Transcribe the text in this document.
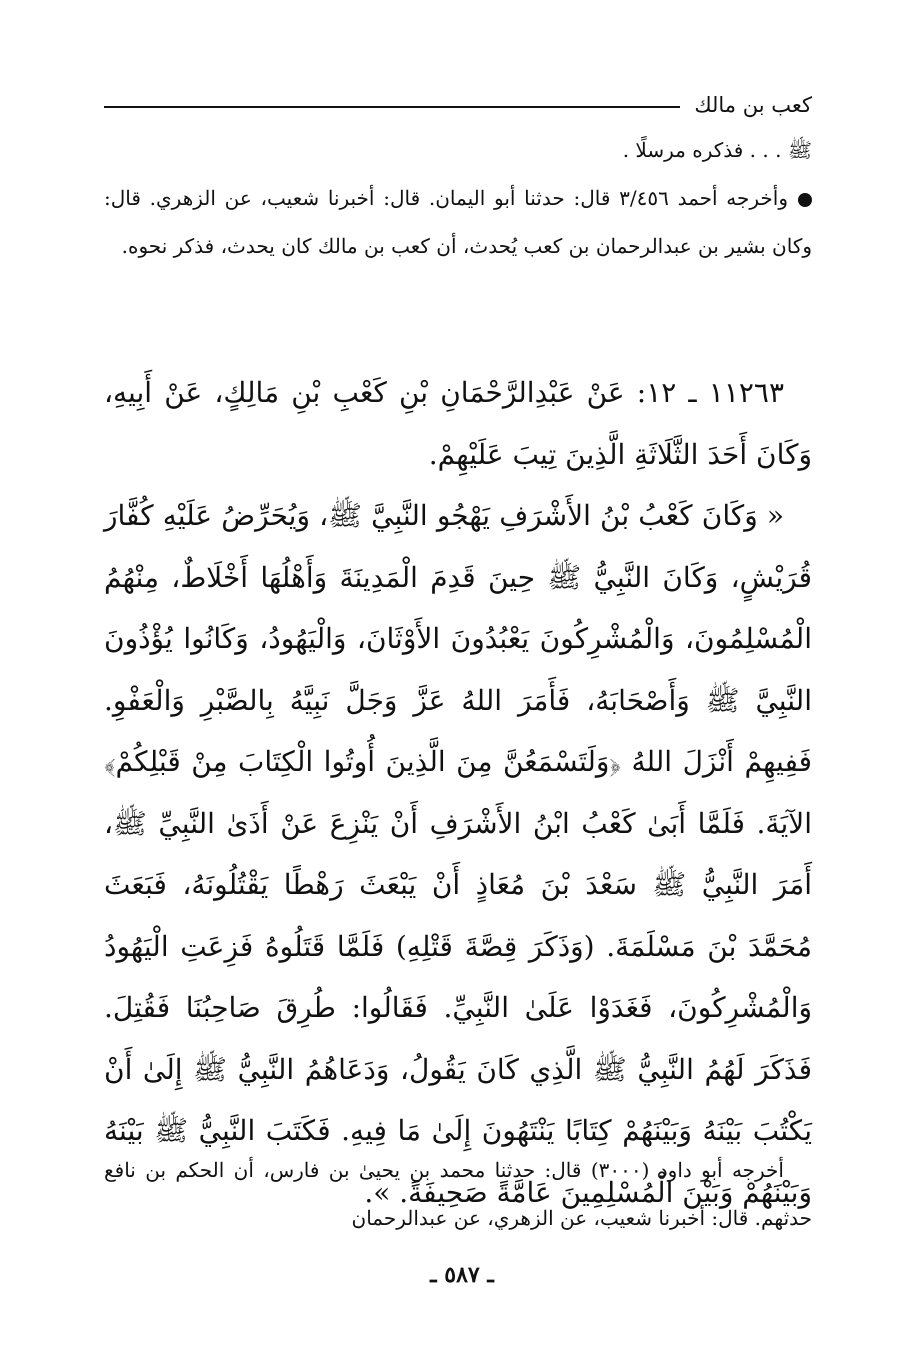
كعب بن مالك

ﷺ . . . فذكره مرسلًا .

وأخرجه أحمد ٣/٤٥٦ قال: حدثنا أبو اليمان. قال: أخبرنا شعيب، عن الزهري. قال: وكان بشير بن عبدالرحمان بن كعب يُحدث، أن كعب بن مالك كان يحدث، فذكر نحوه.

١١٢٦٣ ـ ١٢: عَنْ عَبْدِالرَّحْمَانِ بْنِ كَعْبِ بْنِ مَالِكٍ، عَنْ أَبِيهِ، وَكَانَ أَحَدَ الثَّلَاثَةِ الَّذِينَ تِيبَ عَلَيْهِمْ.

« وَكَانَ كَعْبُ بْنُ الأَشْرَفِ يَهْجُو النَّبِيَّ ﷺ، وَيُحَرِّضُ عَلَيْهِ كُفَّارَ قُرَيْشٍ، وَكَانَ النَّبِيُّ ﷺ حِينَ قَدِمَ الْمَدِينَةَ وَأَهْلُهَا أَخْلَاطٌ، مِنْهُمُ الْمُسْلِمُونَ، وَالْمُشْرِكُونَ يَعْبُدُونَ الأَوْثَانَ، وَالْيَهُودُ، وَكَانُوا يُؤْذُونَ النَّبِيَّ ﷺ وَأَصْحَابَهُ، فَأَمَرَ اللهُ عَزَّ وَجَلَّ نَبِيَّهُ بِالصَّبْرِ وَالْعَفْوِ. فَفِيهِمْ أَنْزَلَ اللهُ ﴿وَلَتَسْمَعُنَّ مِنَ الَّذِينَ أُوتُوا الْكِتَابَ مِنْ قَبْلِكُمْ﴾ الآيَةَ. فَلَمَّا أَبَىٰ كَعْبُ ابْنُ الأَشْرَفِ أَنْ يَنْزِعَ عَنْ أَذَىٰ النَّبِيِّ ﷺ، أَمَرَ النَّبِيُّ ﷺ سَعْدَ بْنَ مُعَاذٍ أَنْ يَبْعَثَ رَهْطًا يَقْتُلُونَهُ، فَبَعَثَ مُحَمَّدَ بْنَ مَسْلَمَةَ. (وَذَكَرَ قِصَّةَ قَتْلِهِ) فَلَمَّا قَتَلُوهُ فَزِعَتِ الْيَهُودُ وَالْمُشْرِكُونَ، فَغَدَوْا عَلَىٰ النَّبِيِّ. فَقَالُوا: طُرِقَ صَاحِبُنَا فَقُتِلَ. فَذَكَرَ لَهُمُ النَّبِيُّ ﷺ الَّذِي كَانَ يَقُولُ، وَدَعَاهُمُ النَّبِيُّ ﷺ إِلَىٰ أَنْ يَكْتُبَ بَيْنَهُ وَبَيْنَهُمْ كِتَابًا يَنْتَهُونَ إِلَىٰ مَا فِيهِ. فَكَتَبَ النَّبِيُّ ﷺ بَيْنَهُ وَبَيْنَهُمْ وَبَيْنَ الْمُسْلِمِينَ عَامَّةً صَحِيفَةً. ».

أخرجه أبو داود (٣٠٠٠) قال: حدثنا محمد بن يحيىٰ بن فارس، أن الحكم بن نافع حدثهم. قال: أخبرنا شعيب، عن الزهري، عن عبدالرحمان

ـ ٥٨٧ ـ
